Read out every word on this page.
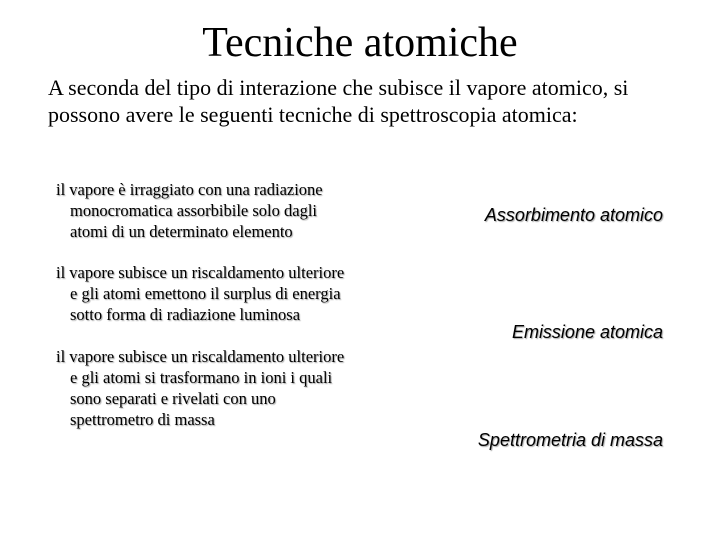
Tecniche atomiche
A seconda del tipo di interazione che subisce il vapore atomico, si possono avere le seguenti tecniche di spettroscopia atomica:
il vapore è irraggiato con una radiazione
monocromatica assorbibile solo dagli
atomi di un determinato elemento
Assorbimento atomico
il vapore subisce un riscaldamento ulteriore
e gli atomi emettono il surplus di energia
sotto forma di radiazione luminosa
Emissione atomica
il vapore subisce un riscaldamento ulteriore
e gli atomi si trasformano in ioni i quali
sono separati e rivelati con uno
spettrometro di massa
Spettrometria di massa
